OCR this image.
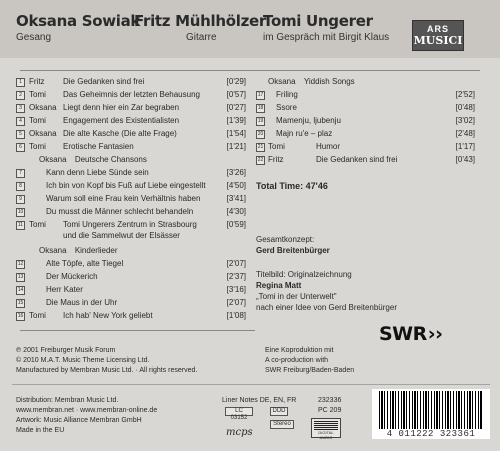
Oksana Sowiak
Gesang
Fritz Mühlhölzer
Gitarre
Tomi Ungerer
im Gespräch mit Birgit Klaus
ARS
MUSICI
1 Fritz Die Gedanken sind frei	[0'29]
2 Tomi Das Geheimnis der letzten Behausung	[0'57]
3 Oksana Liegt denn hier ein Zar begraben	[0'27]
4 Tomi Engagement des Existentialisten	[1'39]
5 Oksana Die alte Kasche (Die alte Frage)	[1'54]
6 Tomi Erotische Fantasien	[1'21]
Oksana Deutsche Chansons
7	Kann denn Liebe Sünde sein	[3'26]
8	Ich bin von Kopf bis Fuß auf Liebe eingestellt	[4'50]
9	Warum soll eine Frau kein Verhältnis haben	[3'41]
10	Du musst die Männer schlecht behandeln	[4'30]
11 Tomi Tomi Ungerers Zentrum in Strasbourg
und die Sammelwut der Elsässer
[0'59]
Oksana Kinderlieder
12	Alte Töpfe, alte Tiegel	[2'07]
13	Der Mückerich	[2'37]
14	Herr Kater	[3'16]
15	Die Maus in der Uhr	[2'07]
16 Tomi Ich hab' New York geliebt	[1'08]
Oksana Yiddish Songs
17 Friling	[2'52]
18 Ssore	[0'48]
19 Mamenju, ljubenju	[3'02]
20 Majn ru'e – plaz	[2'48]
21 Tomi	Humor	[1'17]
22 Fritz	Die Gedanken sind frei	[0'43]
Total Time: 47'46
Gesamtkonzept:
Gerd Breitenbürger
Titelbild: Originalzeichnung
Regina Matt
„Tomi in der Unterwelt"
nach einer Idee von Gerd Breitenbürger
℗ 2001 Freiburger Musik Forum
© 2010 M.A.T. Music Theme Licensing Ltd.
Manufactured by Membran Music Ltd. · All rights reserved.
Eine Koproduktion mit
A co-production with
SWR Freiburg/Baden-Baden
SWR››
Distribution: Membran Music Ltd.
www.membran.net · www.membran-online.de
Artwork: Music Alliance Membran GmbH
Made in the EU
Liner Notes DE, EN, FR	232336
PC 209
LC 03152
DDD
Stereo
mcps	DIGITAL AUDIO	4 011222 323361
